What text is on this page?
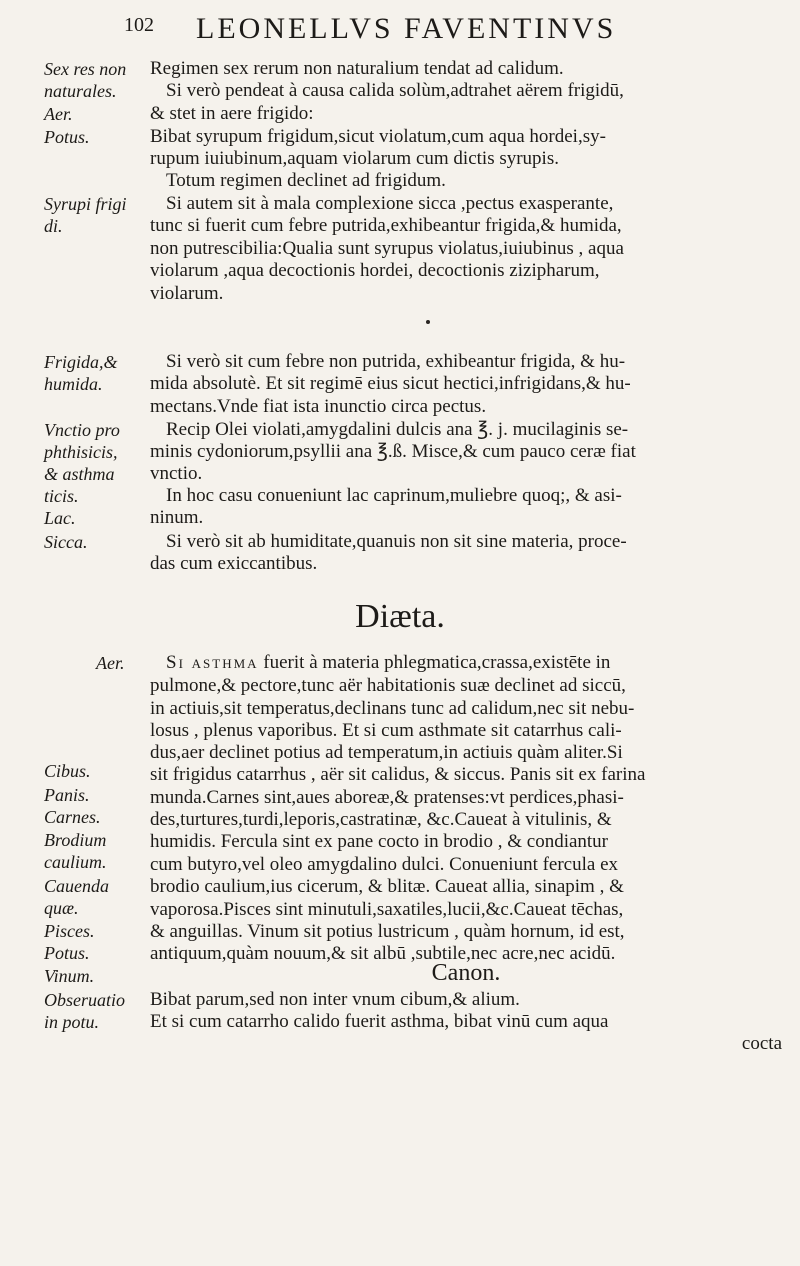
102 LEONELLVS FAVENTINVS
Sex res non
naturales.
Aer.
Potus.
Syrupi frigi
di.
Frigida,&
humida.
Vnctio pro
phthisicis,
& asthma
ticis.
Lac.
Sicca.
Aer.
Cibus.
Panis.
Carnes.
Brodium
caulium.
Cauenda
quæ.
Pisces.
Potus.
Vinum.
Obseruatio
in potu.
Regimen sex rerum non naturalium tendat ad calidum.
Si verò pendeat à causa calida solùm,adtrahet aërem frigidū,
& stet in aere frigido:
Bibat syrupum frigidum,sicut violatum,cum aqua hordei,sy-
rupum iuiubinum,aquam violarum cum dictis syrupis.
Totum regimen declinet ad frigidum.
Si autem sit à mala complexione sicca ,pectus exasperante,
tunc si fuerit cum febre putrida,exhibeantur frigida,& humida,
non putrescibilia:Qualia sunt syrupus violatus,iuiubinus , aqua
violarum ,aqua decoctionis hordei, decoctionis zizipharum,
violarum.
Si verò sit cum febre non putrida, exhibeantur frigida, & hu-
mida absolutè. Et sit regimē eius sicut hectici,infrigidans,& hu-
mectans.Vnde fiat ista inunctio circa pectus.
Recip Olei violati,amygdalini dulcis ana ℥. j. mucilaginis se-
minis cydoniorum,psyllii ana ℥.ß. Misce,& cum pauco ceræ fiat
vnctio.
In hoc casu conueniunt lac caprinum,muliebre quoq;, & asi-
ninum.
Si verò sit ab humiditate,quanuis non sit sine materia, proce-
das cum exiccantibus.
Diæta.
Si asthma fuerit à materia phlegmatica,crassa,existēte in
pulmone,& pectore,tunc aër habitationis suæ declinet ad siccū,
in actiuis,sit temperatus,declinans tunc ad calidum,nec sit nebu-
losus , plenus vaporibus. Et si cum asthmate sit catarrhus cali-
dus,aer declinet potius ad temperatum,in actiuis quàm aliter.Si
sit frigidus catarrhus , aër sit calidus, & siccus. Panis sit ex farina
munda.Carnes sint,aues aboreæ,& pratenses:vt perdices,phasi-
des,turtures,turdi,leporis,castratinæ, &c.Caueat à vitulinis, &
humidis. Fercula sint ex pane cocto in brodio , & condiantur
cum butyro,vel oleo amygdalino dulci. Conueniunt fercula ex
brodio caulium,ius cicerum, & blitæ. Caueat allia, sinapim , &
vaporosa.Pisces sint minutuli,saxatiles,lucii,&c.Caueat tēchas,
& anguillas. Vinum sit potius lustricum , quàm hornum, id est,
antiquum,quàm nouum,& sit albū ,subtile,nec acre,nec acidū.
Canon.
Bibat parum,sed non inter vnum cibum,& alium.
Et si cum catarrho calido fuerit asthma, bibat vinū cum aqua
cocta
